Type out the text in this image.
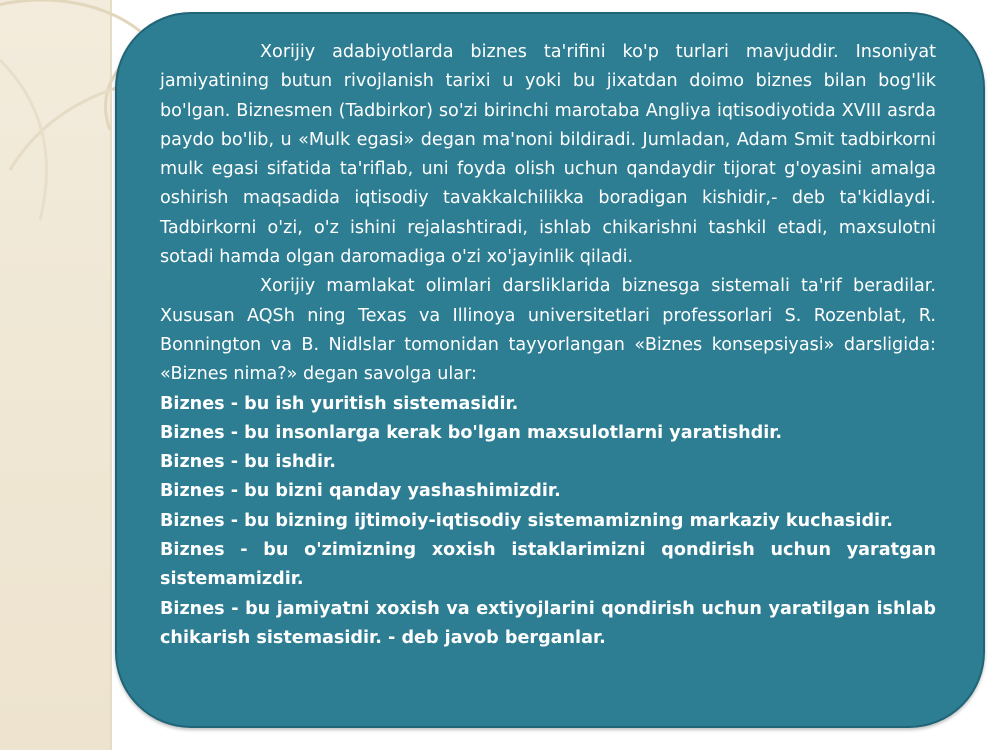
Xorijiy adabiyotlarda biznes ta'rifini ko'p turlari mavjuddir. Insoniyat jamiyatining butun rivojlanish tarixi u yoki bu jixatdan doimo biznes bilan bog'lik bo'lgan. Biznesmen (Tadbirkor) so'zi birinchi marotaba Angliya iqtisodiyotida XVIII asrda paydo bo'lib, u «Mulk egasi» degan ma'noni bildiradi. Jumladan, Adam Smit tadbirkorni mulk egasi sifatida ta'riflab, uni foyda olish uchun qandaydir tijorat g'oyasini amalga oshirish maqsadida iqtisodiy tavakkalchilikka boradigan kishidir,- deb ta'kidlaydi. Tadbirkorni o'zi, o'z ishini rejalashtiradi, ishlab chikarishni tashkil etadi, maxsulotni sotadi hamda olgan daromadiga o'zi xo'jayinlik qiladi.

Xorijiy mamlakat olimlari darsliklarida biznesga sistemali ta'rif beradilar. Xususan AQSh ning Texas va Illinoya universitetlari professorlari S. Rozenblat, R. Bonnington va B. Nidlslar tomonidan tayyorlangan «Biznes konsepsiyasi» darsligida: «Biznes nima?» degan savolga ular:

Biznes - bu ish yuritish sistemasidir.

Biznes - bu insonlarga kerak bo'lgan maxsulotlarni yaratishdir.

Biznes - bu ishdir.

Biznes - bu bizni qanday yashashimizdir.

Biznes - bu bizning ijtimoiy-iqtisodiy sistemamizning markaziy kuchasidir.

Biznes - bu o'zimizning xoxish istaklarimizni qondirish uchun yaratgan sistemamizdir.

Biznes - bu jamiyatni xoxish va extiyojlarini qondirish uchun yaratilgan ishlab chikarish sistemasidir. - deb javob berganlar.
